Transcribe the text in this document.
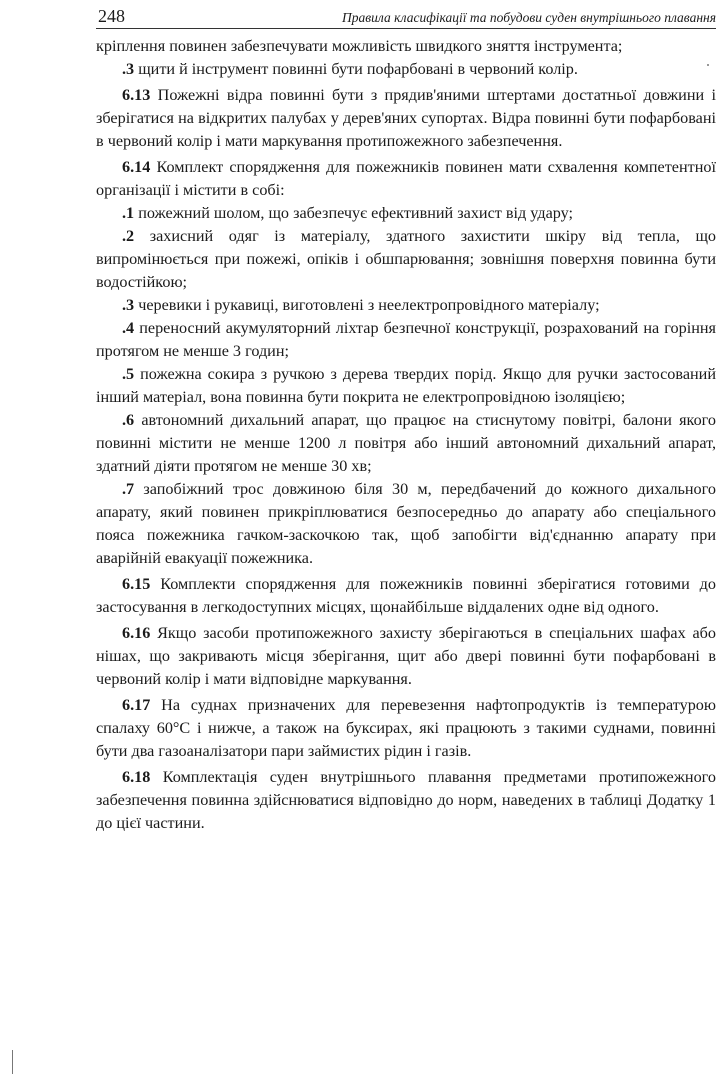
248	Правила класифікації та побудови суден внутрішнього плавання

кріплення повинен забезпечувати можливість швидкого зняття інструмента;

.3 щити й інструмент повинні бути пофарбовані в червоний колір.

6.13 Пожежні відра повинні бути з прядив'яними штертами достатньої довжини і зберігатися на відкритих палубах у дерев'яних супортах. Відра повинні бути пофарбовані в червоний колір і мати маркування протипожежного забезпечення.

6.14 Комплект спорядження для пожежників повинен мати схвалення компетентної організації і містити в собі:

.1 пожежний шолом, що забезпечує ефективний захист від удару;

.2 захисний одяг із матеріалу, здатного захистити шкіру від тепла, що випромінюється при пожежі, опіків і обшпарювання; зовнішня поверхня повинна бути водостійкою;

.3 черевики і рукавиці, виготовлені з неелектропровідного матеріалу;

.4 переносний акумуляторний ліхтар безпечної конструкції, розрахований на горіння протягом не менше 3 годин;

.5 пожежна сокира з ручкою з дерева твердих порід. Якщо для ручки застосований інший матеріал, вона повинна бути покрита не електропровідною ізоляцією;

.6 автономний дихальний апарат, що працює на стиснутому повітрі, балони якого повинні містити не менше 1200 л повітря або інший автономний дихальний апарат, здатний діяти протягом не менше 30 хв;

.7 запобіжний трос довжиною біля 30 м, передбачений до кожного дихального апарату, який повинен прикріплюватися безпосередньо до апарату або спеціального пояса пожежника гачком-заскочкою так, щоб запобігти від'єднанню апарату при аварійній евакуації пожежника.

6.15 Комплекти спорядження для пожежників повинні зберігатися готовими до застосування в легкодоступних місцях, щонайбільше віддалених одне від одного.

6.16 Якщо засоби протипожежного захисту зберігаються в спеціальних шафах або нішах, що закривають місця зберігання, щит або двері повинні бути пофарбовані в червоний колір і мати відповідне маркування.

6.17 На суднах призначених для перевезення нафтопродуктів із температурою спалаху 60°С і нижче, а також на буксирах, які працюють з такими суднами, повинні бути два газоаналізатори пари займистих рідин і газів.

6.18 Комплектація суден внутрішнього плавання предметами протипожежного забезпечення повинна здійснюватися відповідно до норм, наведених в таблиці Додатку 1 до цієї частини.
